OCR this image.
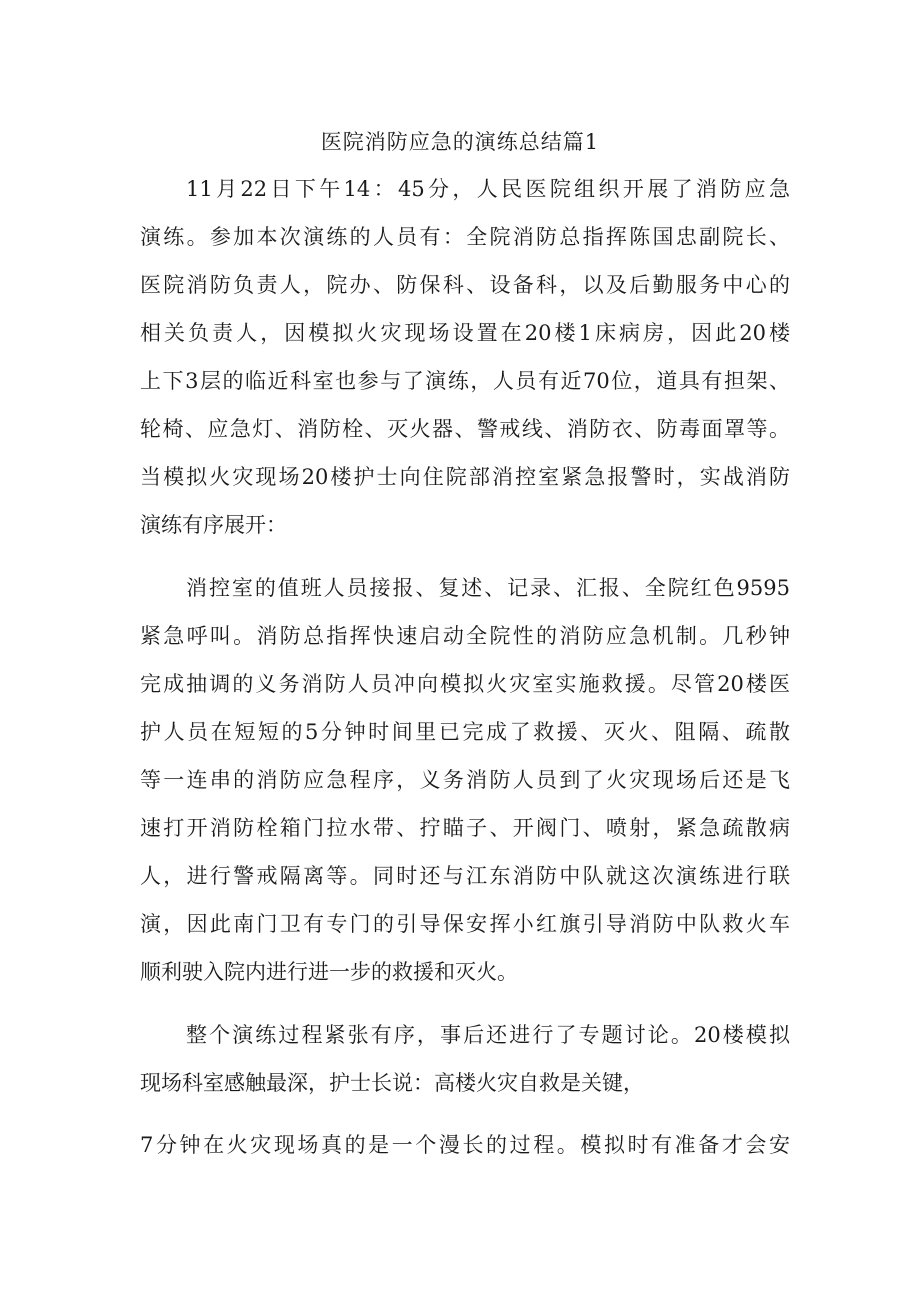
医院消防应急的演练总结篇1
11月22日下午14：45分，人民医院组织开展了消防应急
演练。参加本次演练的人员有：全院消防总指挥陈国忠副院长、
医院消防负责人，院办、防保科、设备科，以及后勤服务中心的
相关负责人，因模拟火灾现场设置在20楼1床病房，因此20楼
上下3层的临近科室也参与了演练，人员有近70位，道具有担架、
轮椅、应急灯、消防栓、灭火器、警戒线、消防衣、防毒面罩等。
当模拟火灾现场20楼护士向住院部消控室紧急报警时，实战消防
演练有序展开：
消控室的值班人员接报、复述、记录、汇报、全院红色9595
紧急呼叫。消防总指挥快速启动全院性的消防应急机制。几秒钟
完成抽调的义务消防人员冲向模拟火灾室实施救援。尽管20楼医
护人员在短短的5分钟时间里已完成了救援、灭火、阻隔、疏散
等一连串的消防应急程序，义务消防人员到了火灾现场后还是飞
速打开消防栓箱门拉水带、拧瞄子、开阀门、喷射，紧急疏散病
人，进行警戒隔离等。同时还与江东消防中队就这次演练进行联
演，因此南门卫有专门的引导保安挥小红旗引导消防中队救火车
顺利驶入院内进行进一步的救援和灭火。
整个演练过程紧张有序，事后还进行了专题讨论。20楼模拟
现场科室感触最深，护士长说：高楼火灾自救是关键，
7分钟在火灾现场真的是一个漫长的过程。模拟时有准备才会安
